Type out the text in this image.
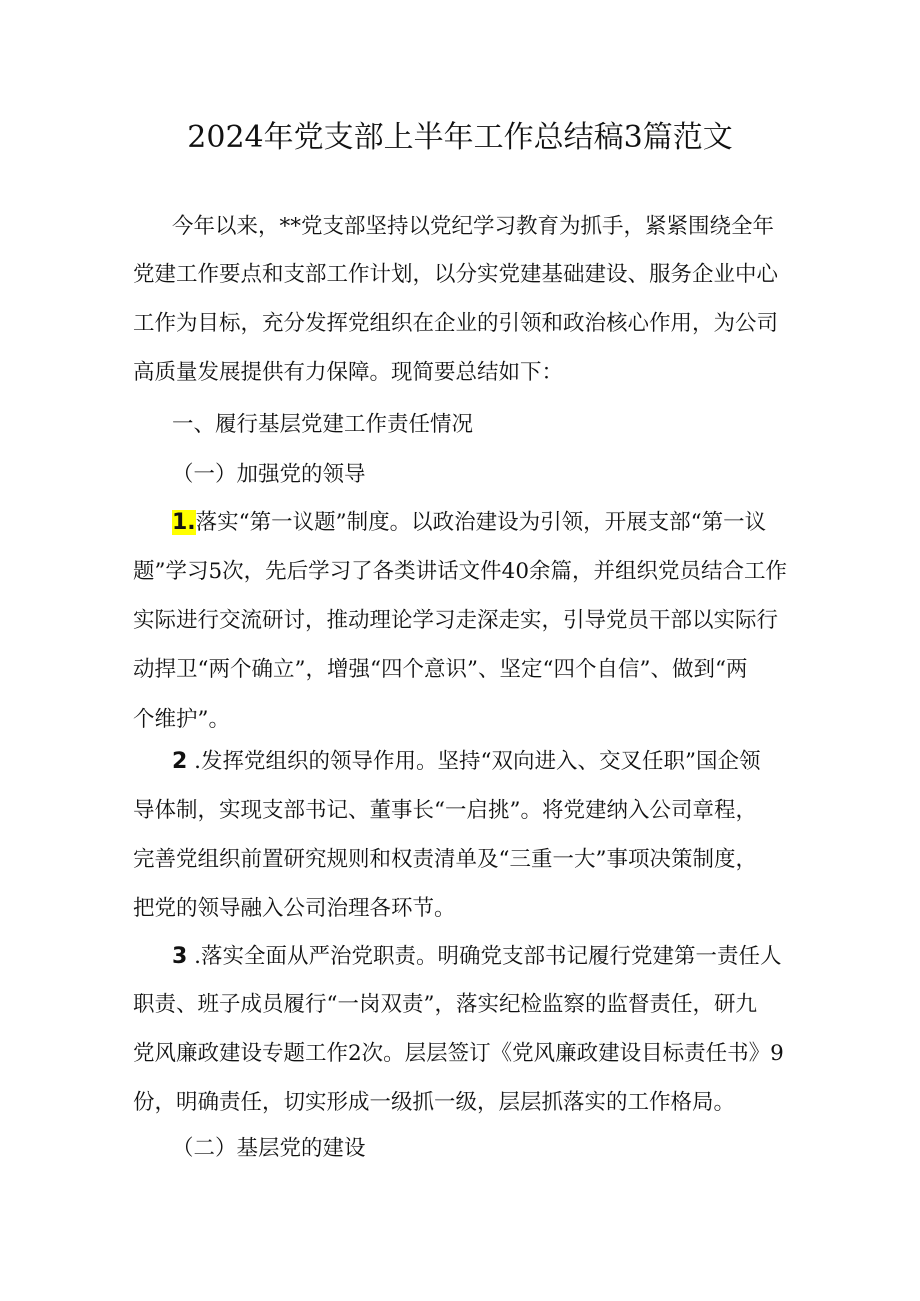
2024年党支部上半年工作总结稿3篇范文
今年以来，**党支部坚持以党纪学习教育为抓手，紧紧围绕全年
党建工作要点和支部工作计划，以分实党建基础建设、服务企业中心
工作为目标，充分发挥党组织在企业的引领和政治核心作用，为公司
高质量发展提供有力保障。现简要总结如下：
一、履行基层党建工作责任情况
（一）加强党的领导
1.落实“第一议题”制度。以政治建设为引领，开展支部“第一议
题”学习5次，先后学习了各类讲话文件40余篇，并组织党员结合工作
实际进行交流研讨，推动理论学习走深走实，引导党员干部以实际行
动捍卫“两个确立”，增强“四个意识”、坚定“四个自信”、做到“两
个维护”。
2 .发挥党组织的领导作用。坚持“双向进入、交叉任职”国企领
导体制，实现支部书记、董事长“一启挑”。将党建纳入公司章程，
完善党组织前置研究规则和权责清单及“三重一大”事项决策制度，
把党的领导融入公司治理各环节。
3 .落实全面从严治党职责。明确党支部书记履行党建第一责任人
职责、班子成员履行“一岗双责”，落实纪检监察的监督责任，研九
党风廉政建设专题工作2次。层层签订《党风廉政建设目标责任书》9
份，明确责任，切实形成一级抓一级，层层抓落实的工作格局。
（二）基层党的建设
